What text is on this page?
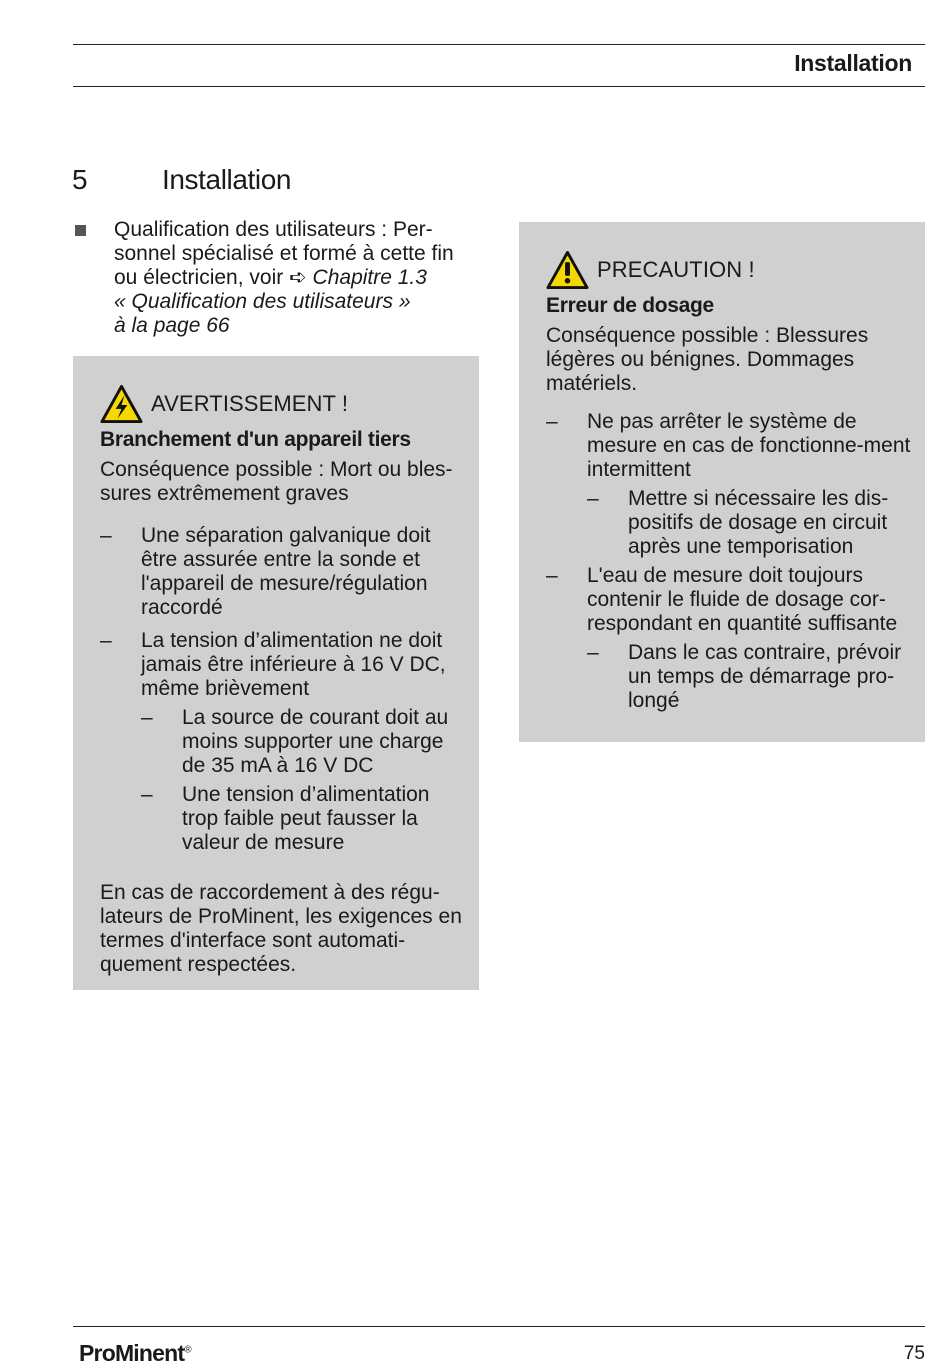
Installation
5	Installation
Qualification des utilisateurs : Personnel spécialisé et formé à cette fin ou électricien, voir ➪ Chapitre 1.3
« Qualification des utilisateurs »
à la page 66
AVERTISSEMENT !
Branchement d'un appareil tiers
Conséquence possible : Mort ou bles-sures extrêmement graves
– Une séparation galvanique doit être assurée entre la sonde et l'appareil de mesure/régulation raccordé
– La tension d’alimentation ne doit jamais être inférieure à 16 V DC, même brièvement
– La source de courant doit au moins supporter une charge de 35 mA à 16 V DC
– Une tension d’alimentation trop faible peut fausser la valeur de mesure
En cas de raccordement à des régu-lateurs de ProMinent, les exigences en termes d'interface sont automati-quement respectées.
PRECAUTION !
Erreur de dosage
Conséquence possible : Blessures légères ou bénignes. Dommages matériels.
– Ne pas arrêter le système de mesure en cas de fonctionne-ment intermittent
– Mettre si nécessaire les dis-positifs de dosage en circuit après une temporisation
– L'eau de mesure doit toujours contenir le fluide de dosage cor-respondant en quantité suffisante
– Dans le cas contraire, prévoir un temps de démarrage pro-longé
ProMinent®	75
